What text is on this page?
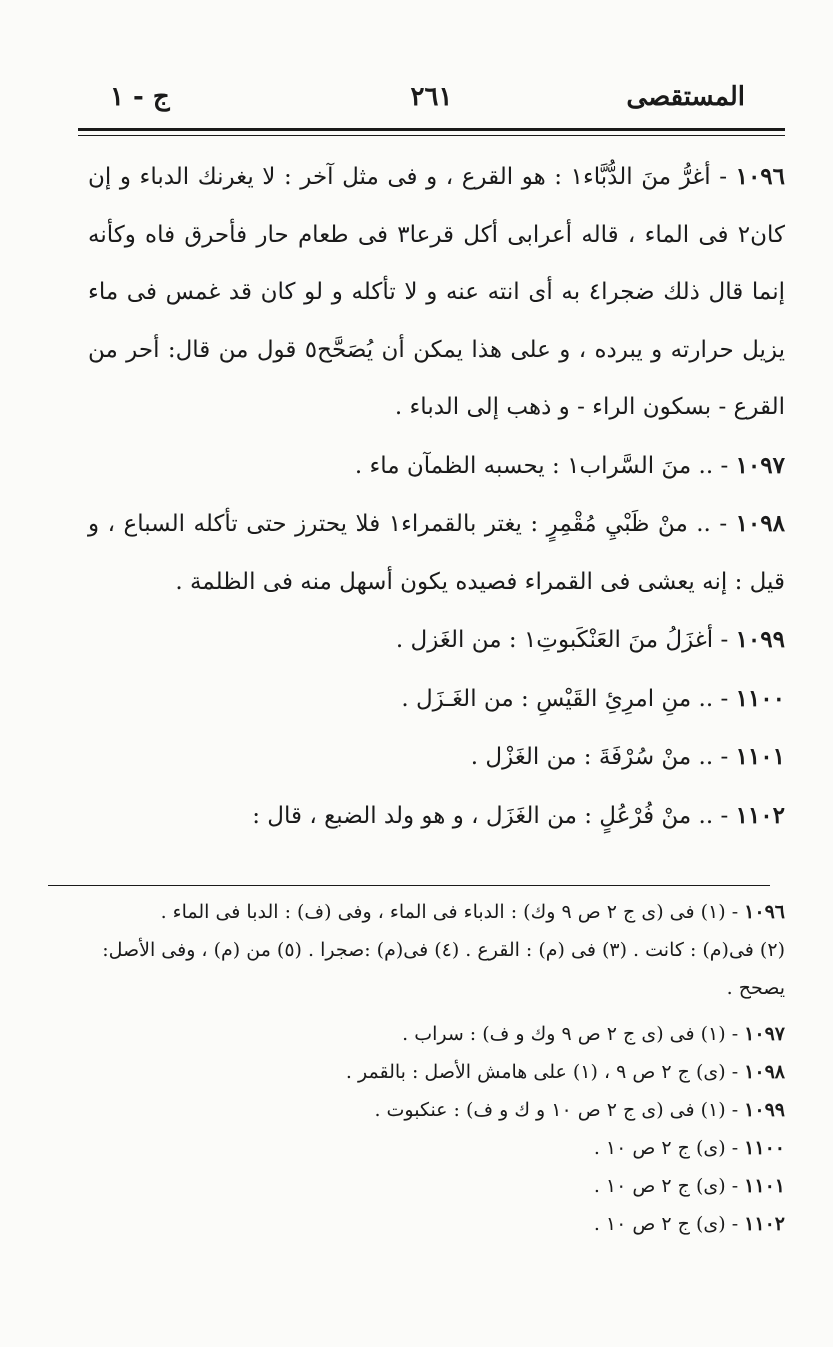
المستقصى
٢٦١
ج - ١

١٠٩٦ - أغرُّ منَ الدُّبَّاء١ : هو القرع ، و فى مثل آخر : لا يغرنك الدباء و إن كان٢ فى الماء ، قاله أعرابى أكل قرعا٣ فى طعام حار فأحرق فاه وكأنه إنما قال ذلك ضجرا٤ به أى انته عنه و لا تأكله و لو كان قد غمس فى ماء يزيل حرارته و يبرده ، و على هذا يمكن أن يُصَحَّح٥ قول من قال: أحر من القرع - بسكون الراء - و ذهب إلى الدباء .

١٠٩٧ - .. منَ السَّراب١ : يحسبه الظمآن ماء .

١٠٩٨ - .. منْ ظَبْيِ مُقْمِرٍ : يغتر بالقمراء١ فلا يحترز حتى تأكله السباع ، و قيل : إنه يعشى فى القمراء فصيده يكون أسهل منه فى الظلمة .

١٠٩٩ - أغزَلُ منَ العَنْكَبوتِ١ : من الغَزل .

١١٠٠ - .. منِ امرِئِ القَيْسِ : من الغَـزَل .

١١٠١ - .. منْ سُرْفَةَ : من الغَزْل .

١١٠٢ - .. منْ فُرْعُلٍ : من الغَزَل ، و هو ولد الضبع ، قال :

١٠٩٦ - (١) فى (ى ج ٢ ص ٩ وك) : الدباء فى الماء ، وفى (ف) : الدبا فى الماء .

(٢) فى(م) : كانت . (٣) فى (م) : القرع . (٤) فى(م) :صجرا . (٥) من (م) ، وفى الأصل: يصحح .

١٠٩٧ - (١) فى (ى ج ٢ ص ٩ وك و ف) : سراب .

١٠٩٨ - (ى) ج ٢ ص ٩ ، (١) على هامش الأصل : بالقمر .

١٠٩٩ - (١) فى (ى ج ٢ ص ١٠ و ك و ف) : عنكبوت .

١١٠٠ - (ى) ج ٢ ص ١٠ .

١١٠١ - (ى) ج ٢ ص ١٠ .

١١٠٢ - (ى) ج ٢ ص ١٠ .
